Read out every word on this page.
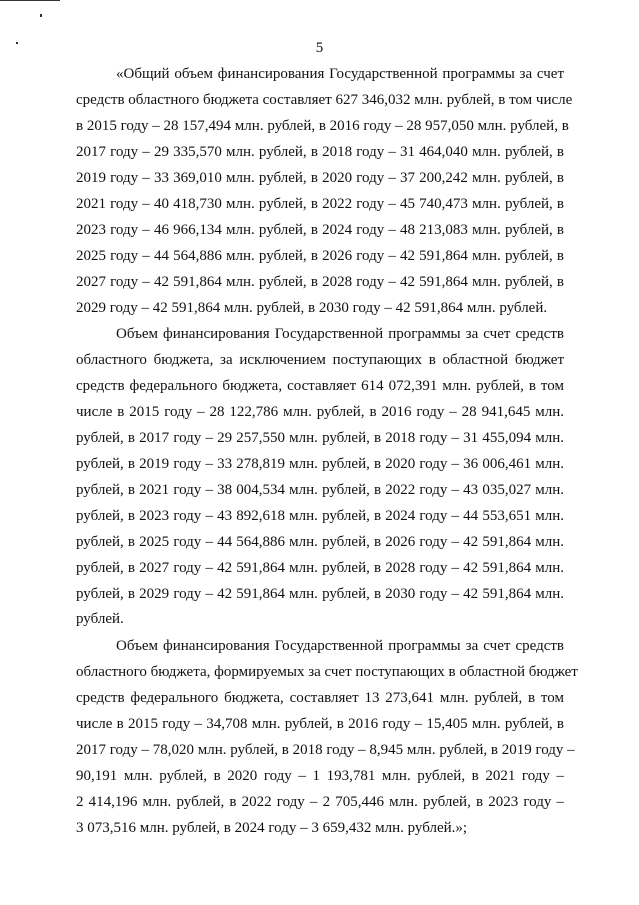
5
«Общий объем финансирования Государственной программы за счет
средств областного бюджета составляет 627 346,032 млн. рублей, в том числе
в 2015 году – 28 157,494 млн. рублей, в 2016 году – 28 957,050 млн. рублей, в
2017 году – 29 335,570 млн. рублей, в 2018 году – 31 464,040 млн. рублей, в
2019 году – 33 369,010 млн. рублей, в 2020 году – 37 200,242 млн. рублей, в
2021 году – 40 418,730 млн. рублей, в 2022 году – 45 740,473 млн. рублей, в
2023 году – 46 966,134 млн. рублей, в 2024 году – 48 213,083 млн. рублей, в
2025 году – 44 564,886 млн. рублей, в 2026 году – 42 591,864 млн. рублей, в
2027 году – 42 591,864 млн. рублей, в 2028 году – 42 591,864 млн. рублей, в
2029 году – 42 591,864 млн. рублей, в 2030 году – 42 591,864 млн. рублей.
Объем финансирования Государственной программы за счет средств
областного бюджета, за исключением поступающих в областной бюджет
средств федерального бюджета, составляет 614 072,391 млн. рублей, в том
числе в 2015 году – 28 122,786 млн. рублей, в 2016 году – 28 941,645 млн.
рублей, в 2017 году – 29 257,550 млн. рублей, в 2018 году – 31 455,094 млн.
рублей, в 2019 году – 33 278,819 млн. рублей, в 2020 году – 36 006,461 млн.
рублей, в 2021 году – 38 004,534 млн. рублей, в 2022 году – 43 035,027 млн.
рублей, в 2023 году – 43 892,618 млн. рублей, в 2024 году – 44 553,651 млн.
рублей, в 2025 году – 44 564,886 млн. рублей, в 2026 году – 42 591,864 млн.
рублей, в 2027 году – 42 591,864 млн. рублей, в 2028 году – 42 591,864 млн.
рублей, в 2029 году – 42 591,864 млн. рублей, в 2030 году – 42 591,864 млн.
рублей.
Объем финансирования Государственной программы за счет средств
областного бюджета, формируемых за счет поступающих в областной бюджет
средств федерального бюджета, составляет 13 273,641 млн. рублей, в том
числе в 2015 году – 34,708 млн. рублей, в 2016 году – 15,405 млн. рублей, в
2017 году – 78,020 млн. рублей, в 2018 году – 8,945 млн. рублей, в 2019 году –
90,191 млн. рублей, в 2020 году – 1 193,781 млн. рублей, в 2021 году –
2 414,196 млн. рублей, в 2022 году – 2 705,446 млн. рублей, в 2023 году –
3 073,516 млн. рублей, в 2024 году – 3 659,432 млн. рублей.»;
